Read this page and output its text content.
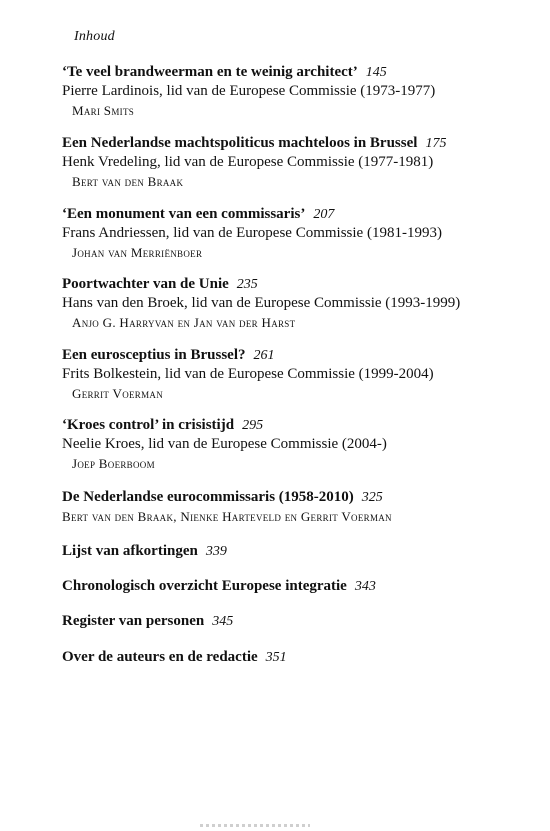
Inhoud
‘Te veel brandweerman en te weinig architect’ 145
Pierre Lardinois, lid van de Europese Commissie (1973-1977)
Mari Smits
Een Nederlandse machtspoliticus machteloos in Brussel 175
Henk Vredeling, lid van de Europese Commissie (1977-1981)
Bert van den Braak
‘Een monument van een commissaris’ 207
Frans Andriessen, lid van de Europese Commissie (1981-1993)
Johan van Merriënboer
Poortwachter van de Unie 235
Hans van den Broek, lid van de Europese Commissie (1993-1999)
Anjo G. Harryvan en Jan van der Harst
Een eurosceptius in Brussel? 261
Frits Bolkestein, lid van de Europese Commissie (1999-2004)
Gerrit Voerman
‘Kroes control’ in crisistijd 295
Neelie Kroes, lid van de Europese Commissie (2004-)
Joep Boerboom
De Nederlandse eurocommissaris (1958-2010) 325
Bert van den Braak, Nienke Harteveld en Gerrit Voerman
Lijst van afkortingen 339
Chronologisch overzicht Europese integratie 343
Register van personen 345
Over de auteurs en de redactie 351
